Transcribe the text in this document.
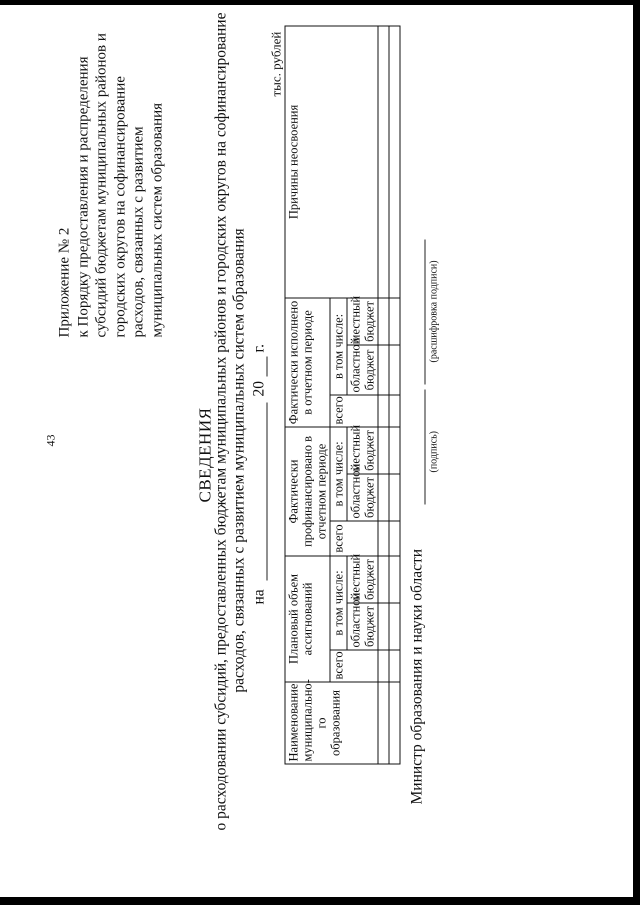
43
Приложение № 2 к Порядку предоставления и распределения субсидий бюджетам муниципальных районов и городских округов на софинансирование расходов, связанных с развитием муниципальных систем образования
СВЕДЕНИЯ
о расходовании субсидий, предоставленных бюджетам муниципальных районов и городских округов на софинансирование расходов, связанных с развитием муниципальных систем образования на
20
г.
тыс. рублей
Наименование муниципально-го образования	Плановый объем ассигнований			Фактически профинансировано в отчетном периоде			Фактически исполнено в отчетном периоде			Причины неосвоения
	всего	в том числе:		всего	в том числе:		всего	в том числе:		
		областной бюджет	местный бюджет		областной бюджет	местный бюджет		областной бюджет	местный бюджет	

Министр образования и науки области
(подпись)
(расшифровка подписи)
